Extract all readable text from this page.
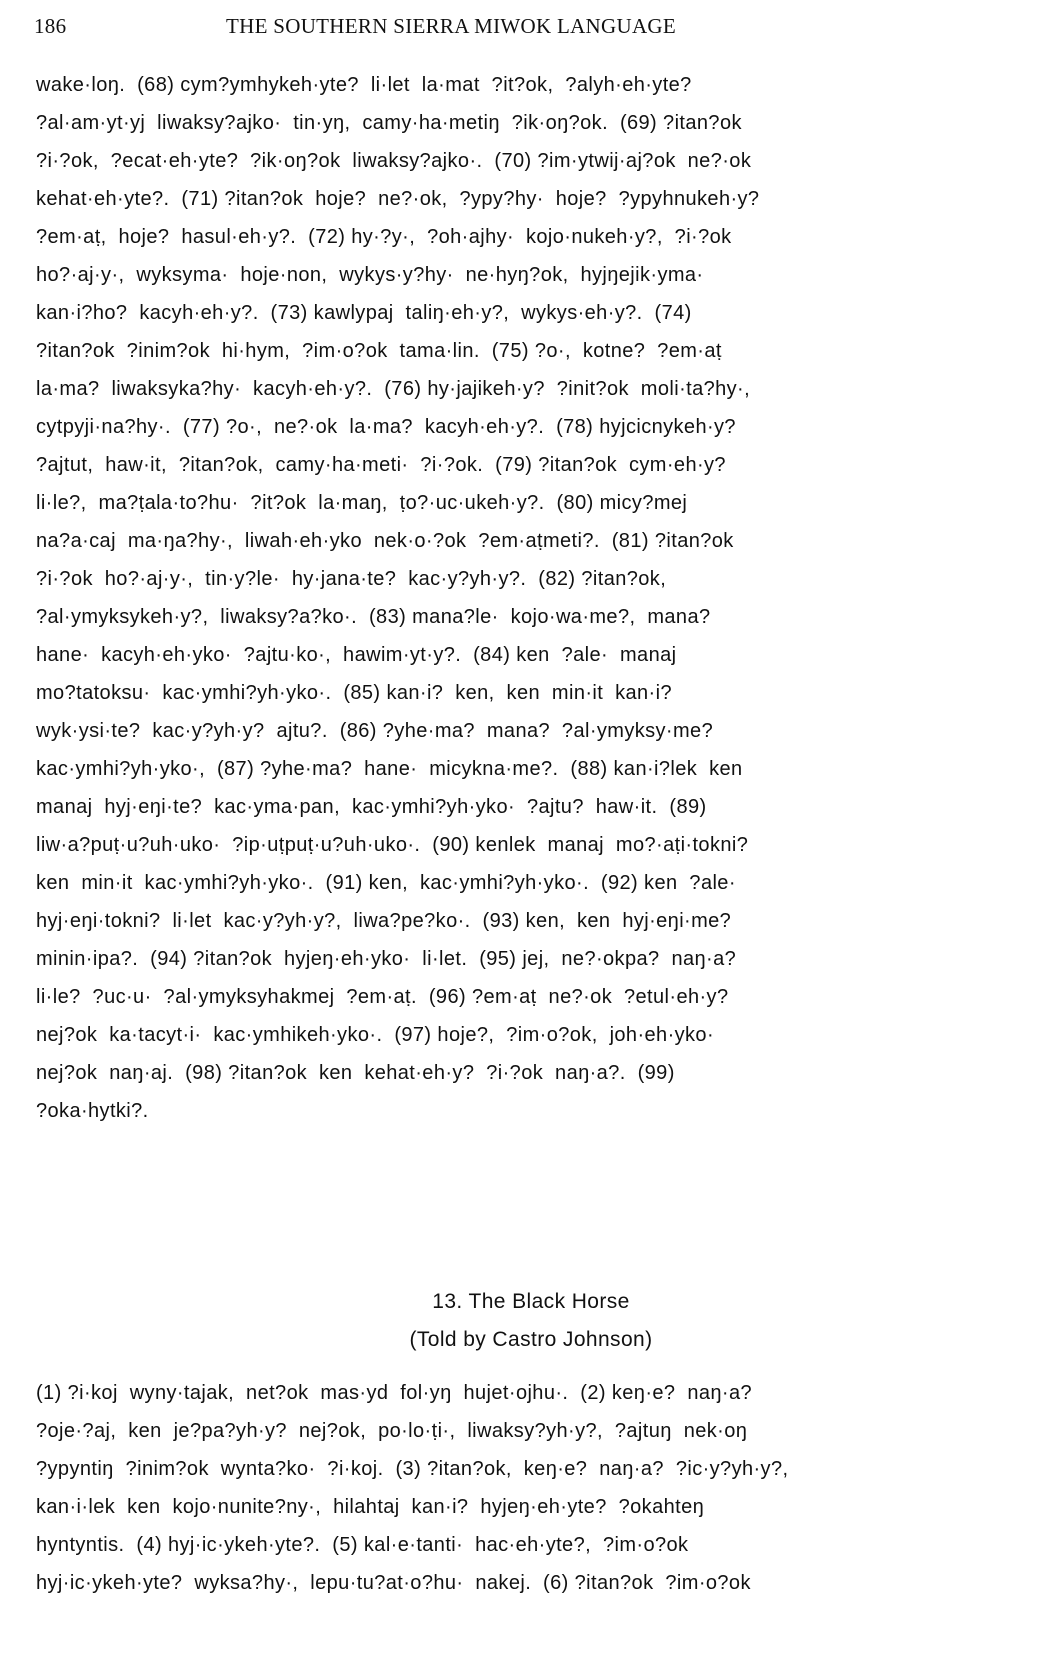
186	THE SOUTHERN SIERRA MIWOK LANGUAGE
wake·loŋ.  (68) cym?ymhykeh·yte?  li·let  la·mat  ?it?ok,  ?alyh·eh·yte?
?al·am·yt·yj  liwaksy?ajko·  tin·yŋ,  camy·ha·metiŋ  ?ik·oŋ?ok.  (69) ?itan?ok
?i·?ok,  ?ecat·eh·yte?  ?ik·oŋ?ok  liwaksy?ajko·.  (70) ?im·ytwij·aj?ok  ne?·ok
kehat·eh·yte?.  (71) ?itan?ok  hoje?  ne?·ok,  ?ypy?hy·  hoje?  ?ypyhnukeh·y?
?em·aṭ,  hoje?  hasul·eh·y?.  (72) hy·?y·,  ?oh·ajhy·  kojo·nukeh·y?,  ?i·?ok
ho?·aj·y·,  wyksyma·  hoje·non,  wykys·y?hy·  ne·hyŋ?ok,  hyjŋejik·yma·
kan·i?ho?  kacyh·eh·y?.  (73) kawlypaj  taliŋ·eh·y?,  wykys·eh·y?.  (74)
?itan?ok  ?inim?ok  hi·hym,  ?im·o?ok  tama·lin.  (75) ?o·,  kotne?  ?em·aṭ
la·ma?  liwaksyka?hy·  kacyh·eh·y?.  (76) hy·jajikeh·y?  ?init?ok  moli·ta?hy·,
cytpyji·na?hy·.  (77) ?o·,  ne?·ok  la·ma?  kacyh·eh·y?.  (78) hyjcicnykeh·y?
?ajtut,  haw·it,  ?itan?ok,  camy·ha·meti·  ?i·?ok.  (79) ?itan?ok  cym·eh·y?
li·le?,  ma?ṭala·to?hu·  ?it?ok  la·maŋ,  ṭo?·uc·ukeh·y?.  (80) micy?mej
na?a·caj  ma·ŋa?hy·,  liwah·eh·yko  nek·o·?ok  ?em·aṭmeti?.  (81) ?itan?ok
?i·?ok  ho?·aj·y·,  tin·y?le·  hy·jana·te?  kac·y?yh·y?.  (82) ?itan?ok,
?al·ymyksykeh·y?,  liwaksy?a?ko·.  (83) mana?le·  kojo·wa·me?,  mana?
hane·  kacyh·eh·yko·  ?ajtu·ko·,  hawim·yt·y?.  (84) ken  ?ale·  manaj
mo?tatoksu·  kac·ymhi?yh·yko·.  (85) kan·i?  ken,  ken  min·it  kan·i?
wyk·ysi·te?  kac·y?yh·y?  ajtu?.  (86) ?yhe·ma?  mana?  ?al·ymyksy·me?
kac·ymhi?yh·yko·,  (87) ?yhe·ma?  hane·  micykna·me?.  (88) kan·i?lek  ken
manaj  hyj·eŋi·te?  kac·yma·pan,  kac·ymhi?yh·yko·  ?ajtu?  haw·it.  (89)
liw·a?puṭ·u?uh·uko·  ?ip·uṭpuṭ·u?uh·uko·.  (90) kenlek  manaj  mo?·aṭi·tokni?
ken  min·it  kac·ymhi?yh·yko·.  (91) ken,  kac·ymhi?yh·yko·.  (92) ken  ?ale·
hyj·eŋi·tokni?  li·let  kac·y?yh·y?,  liwa?pe?ko·.  (93) ken,  ken  hyj·eŋi·me?
minin·ipa?.  (94) ?itan?ok  hyjeŋ·eh·yko·  li·let.  (95) jej,  ne?·okpa?  naŋ·a?
li·le?  ?uc·u·  ?al·ymyksyhakmej  ?em·aṭ.  (96) ?em·aṭ  ne?·ok  ?etul·eh·y?
nej?ok  ka·tacyt·i·  kac·ymhikeh·yko·.  (97) hoje?,  ?im·o?ok,  joh·eh·yko·
nej?ok  naŋ·aj.  (98) ?itan?ok  ken  kehat·eh·y?  ?i·?ok  naŋ·a?.  (99)
?oka·hytki?.
13. The Black Horse
(Told by Castro Johnson)
(1) ?i·koj  wyny·tajak,  net?ok  mas·yd  fol·yŋ  hujet·ojhu·.  (2) keŋ·e?  naŋ·a?
?oje·?aj,  ken  je?pa?yh·y?  nej?ok,  po·lo·ṭi·,  liwaksy?yh·y?,  ?ajtuŋ  nek·oŋ
?ypyntiŋ  ?inim?ok  wynta?ko·  ?i·koj.  (3) ?itan?ok,  keŋ·e?  naŋ·a?  ?ic·y?yh·y?,
kan·i·lek  ken  kojo·nunite?ny·,  hilahtaj  kan·i?  hyjeŋ·eh·yte?  ?okahteŋ
hyntyntis.  (4) hyj·ic·ykeh·yte?.  (5) kal·e·tanti·  hac·eh·yte?,  ?im·o?ok
hyj·ic·ykeh·yte?  wyksa?hy·,  lepu·tu?at·o?hu·  nakej.  (6) ?itan?ok  ?im·o?ok
